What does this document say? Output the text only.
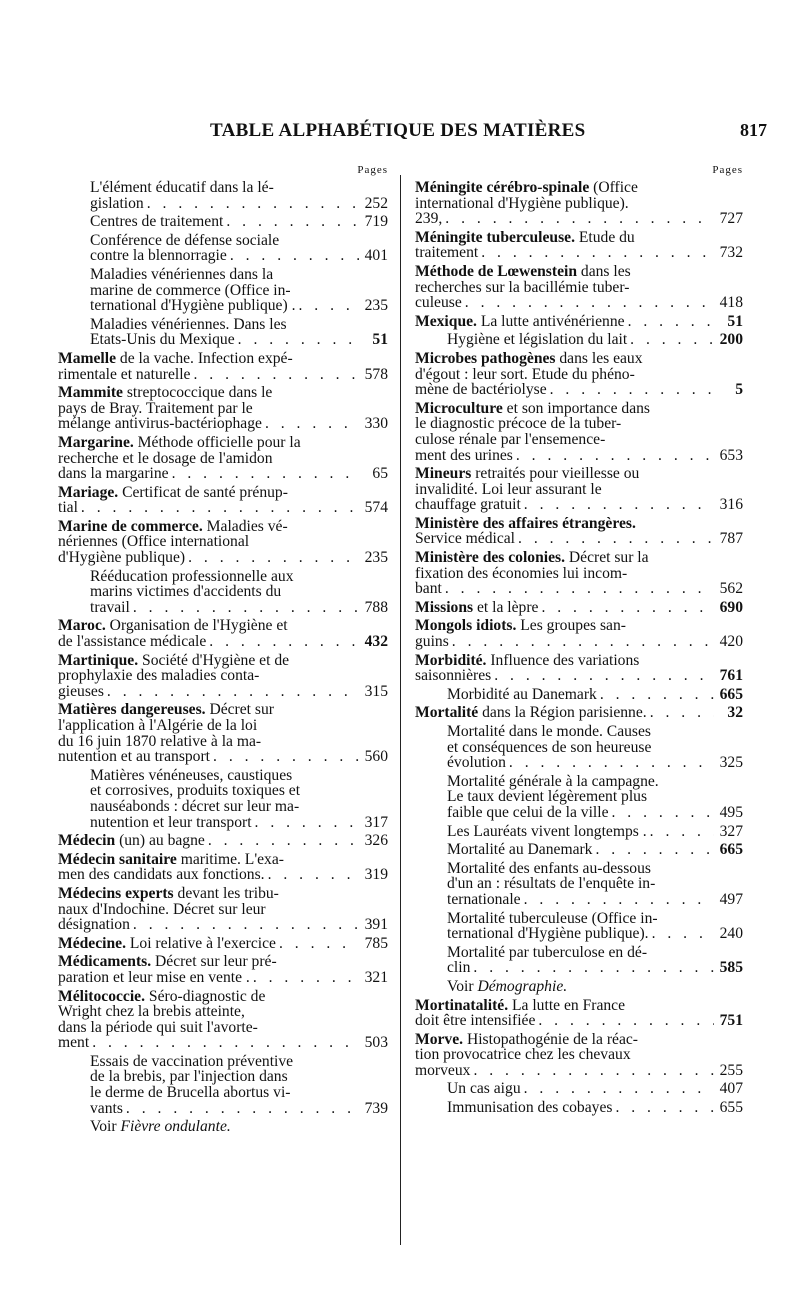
TABLE ALPHABÉTIQUE DES MATIÈRES	817
Pages
L'élément éducatif dans la lé-
gislation . . .	252
Centres de traitement . . .	719
Conférence de défense sociale
contre la blennorragie . . .	401
Maladies vénériennes dans la
marine de commerce (Office in-
ternational d'Hygiène publique) . . . .	235
Maladies vénériennes. Dans les
Etats-Unis du Mexique . . .	51
Mamelle de la vache. Infection expé-
rimentale et naturelle . . .	578
Mammite streptococcique dans le
pays de Bray. Traitement par le
mélange antivirus-bactériophage . . .	330
Margarine. Méthode officielle pour la
recherche et le dosage de l'amidon
dans la margarine . . .	65
Mariage. Certificat de santé prénup-
tial . . .	574
Marine de commerce. Maladies vé-
nériennes (Office international
d'Hygiène publique) . . .	235
Rééducation professionnelle aux
marins victimes d'accidents du
travail . . .	788
Maroc. Organisation de l'Hygiène et
de l'assistance médicale . . .	432
Martinique. Société d'Hygiène et de
prophylaxie des maladies conta-
gieuses . . .	315
Matières dangereuses. Décret sur
l'application à l'Algérie de la loi
du 16 juin 1870 relative à la ma-
nutention et au transport . . .	560
Matières vénéneuses, caustiques
et corrosives, produits toxiques et
nauséabonds : décret sur leur ma-
nutention et leur transport . . .	317
Médecin (un) au bagne . . .	326
Médecin sanitaire maritime. L'exa-
men des candidats aux fonctions. . . .	319
Médecins experts devant les tribu-
naux d'Indochine. Décret sur leur
désignation . . .	391
Médecine. Loi relative à l'exercice . . .	785
Médicaments. Décret sur leur pré-
paration et leur mise en vente . . . .	321
Mélitococcie. Séro-diagnostic de
Wright chez la brebis atteinte,
dans la période qui suit l'avorte-
ment . . .	503
Essais de vaccination préventive
de la brebis, par l'injection dans
le derme de Brucella abortus vi-
vants . . .	739
Voir Fièvre ondulante.
Pages
Méningite cérébro-spinale (Office
international d'Hygiène publique).
239, . . .	727
Méningite tuberculeuse. Etude du
traitement . . .	732
Méthode de Lœwenstein dans les
recherches sur la bacillémie tuber-
culeuse . . .	418
Mexique. La lutte antivénérienne . . .	51
Hygiène et législation du lait . . .	200
Microbes pathogènes dans les eaux
d'égout : leur sort. Etude du phéno-
mène de bactériolyse . . .	5
Microculture et son importance dans
le diagnostic précoce de la tuber-
culose rénale par l'ensemence-
ment des urines . . .	653
Mineurs retraités pour vieillesse ou
invalidité. Loi leur assurant le
chauffage gratuit . . .	316
Ministère des affaires étrangères.
Service médical . . .	787
Ministère des colonies. Décret sur la
fixation des économies lui incom-
bant . . .	562
Missions et la lèpre . . .	690
Mongols idiots. Les groupes san-
guins . . .	420
Morbidité. Influence des variations
saisonnières . . .	761
Morbidité au Danemark . . .	665
Mortalité dans la Région parisienne. . . .	32
Mortalité dans le monde. Causes
et conséquences de son heureuse
évolution . . .	325
Mortalité générale à la campagne.
Le taux devient légèrement plus
faible que celui de la ville . . .	495
Les Lauréats vivent longtemps . . . .	327
Mortalité au Danemark . . .	665
Mortalité des enfants au-dessous
d'un an : résultats de l'enquête in-
ternationale . . .	497
Mortalité tuberculeuse (Office in-
ternational d'Hygiène publique). . . .	240
Mortalité par tuberculose en dé-
clin . . .	585
Voir Démographie.
Mortinatalité. La lutte en France
doit être intensifiée . . .	751
Morve. Histopathogénie de la réac-
tion provocatrice chez les chevaux
morveux . . .	255
Un cas aigu . . .	407
Immunisation des cobayes . . .	655
